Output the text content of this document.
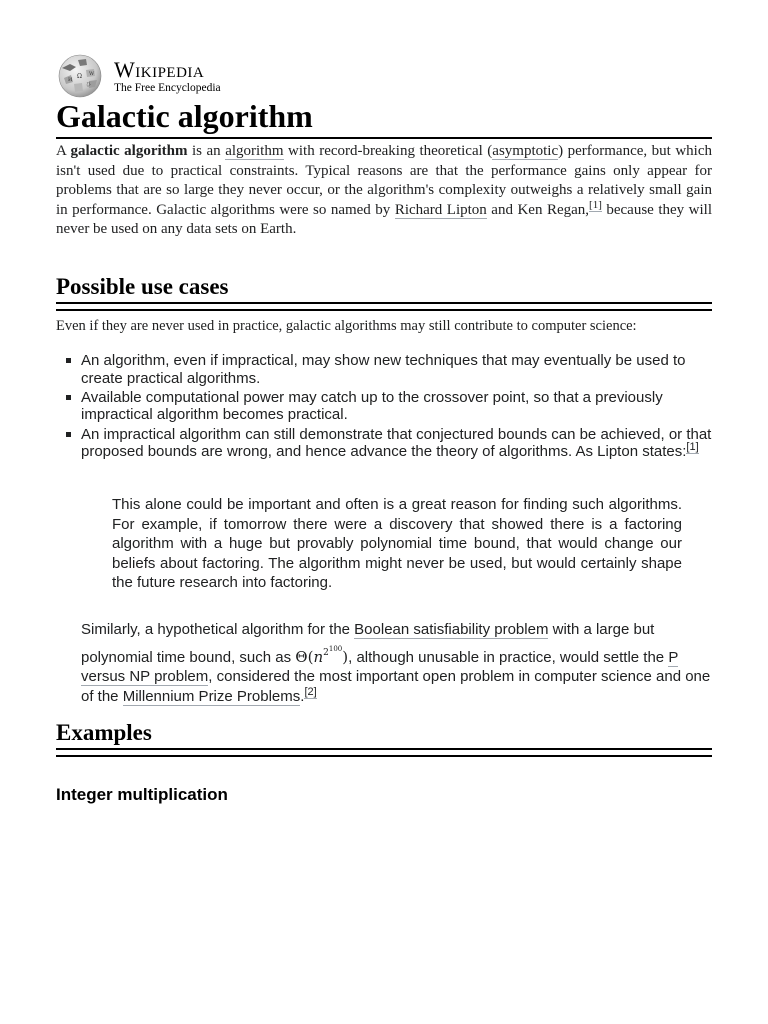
Ω W
И
ひ
Wikipedia
The Free Encyclopedia
Galactic algorithm

A galactic algorithm is an algorithm with record-breaking theoretical (asymptotic) performance, but which isn't used due to practical constraints. Typical reasons are that the performance gains only appear for problems that are so large they never occur, or the algorithm's complexity outweighs a relatively small gain in performance. Galactic algorithms were so named by Richard Lipton and Ken Regan,[1] because they will never be used on any data sets on Earth.

Possible use cases

Even if they are never used in practice, galactic algorithms may still contribute to computer science:

An algorithm, even if impractical, may show new techniques that may eventually be used to create practical algorithms.
Available computational power may catch up to the crossover point, so that a previously impractical algorithm becomes practical.
An impractical algorithm can still demonstrate that conjectured bounds can be achieved, or that proposed bounds are wrong, and hence advance the theory of algorithms. As Lipton states:[1]
This alone could be important and often is a great reason for finding such algorithms. For example, if tomorrow there were a discovery that showed there is a factoring algorithm with a huge but provably polynomial time bound, that would change our beliefs about factoring. The algorithm might never be used, but would certainly shape the future research into factoring.

Similarly, a hypothetical algorithm for the Boolean satisfiability problem with a large but polynomial time bound, such as $\Theta(n^{2^{100}})$, although unusable in practice, would settle the P versus NP problem, considered the most important open problem in computer science and one of the Millennium Prize Problems.[2]

Examples
Integer multiplication
